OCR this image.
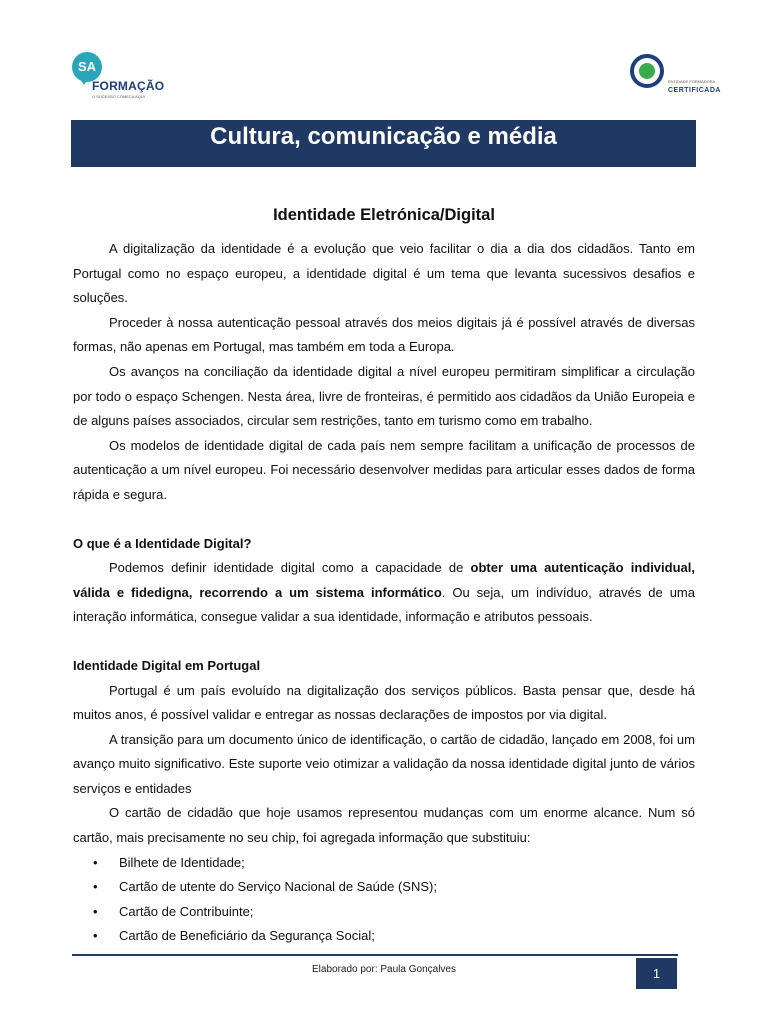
SA
FORMAÇÃO
O SUCESSO COMEÇA AQUI
ENTIDADE FORMADORA
CERTIFICADA
Cultura, comunicação e média
Identidade Eletrónica/Digital

A digitalização da identidade é a evolução que veio facilitar o dia a dia dos cidadãos. Tanto em Portugal como no espaço europeu, a identidade digital é um tema que levanta sucessivos desafios e soluções.

Proceder à nossa autenticação pessoal através dos meios digitais já é possível através de diversas formas, não apenas em Portugal, mas também em toda a Europa.

Os avanços na conciliação da identidade digital a nível europeu permitiram simplificar a circulação por todo o espaço Schengen. Nesta área, livre de fronteiras, é permitido aos cidadãos da União Europeia e de alguns países associados, circular sem restrições, tanto em turismo como em trabalho.

Os modelos de identidade digital de cada país nem sempre facilitam a unificação de processos de autenticação a um nível europeu. Foi necessário desenvolver medidas para articular esses dados de forma rápida e segura.

O que é a Identidade Digital?

Podemos definir identidade digital como a capacidade de obter uma autenticação individual, válida e fidedigna, recorrendo a um sistema informático. Ou seja, um indivíduo, através de uma interação informática, consegue validar a sua identidade, informação e atributos pessoais.

Identidade Digital em Portugal

Portugal é um país evoluído na digitalização dos serviços públicos. Basta pensar que, desde há muitos anos, é possível validar e entregar as nossas declarações de impostos por via digital.

A transição para um documento único de identificação, o cartão de cidadão, lançado em 2008, foi um avanço muito significativo. Este suporte veio otimizar a validação da nossa identidade digital junto de vários serviços e entidades

O cartão de cidadão que hoje usamos representou mudanças com um enorme alcance. Num só cartão, mais precisamente no seu chip, foi agregada informação que substituiu:

• Bilhete de Identidade;
• Cartão de utente do Serviço Nacional de Saúde (SNS);
• Cartão de Contribuinte;
• Cartão de Beneficiário da Segurança Social;
Elaborado por: Paula Gonçalves	1
